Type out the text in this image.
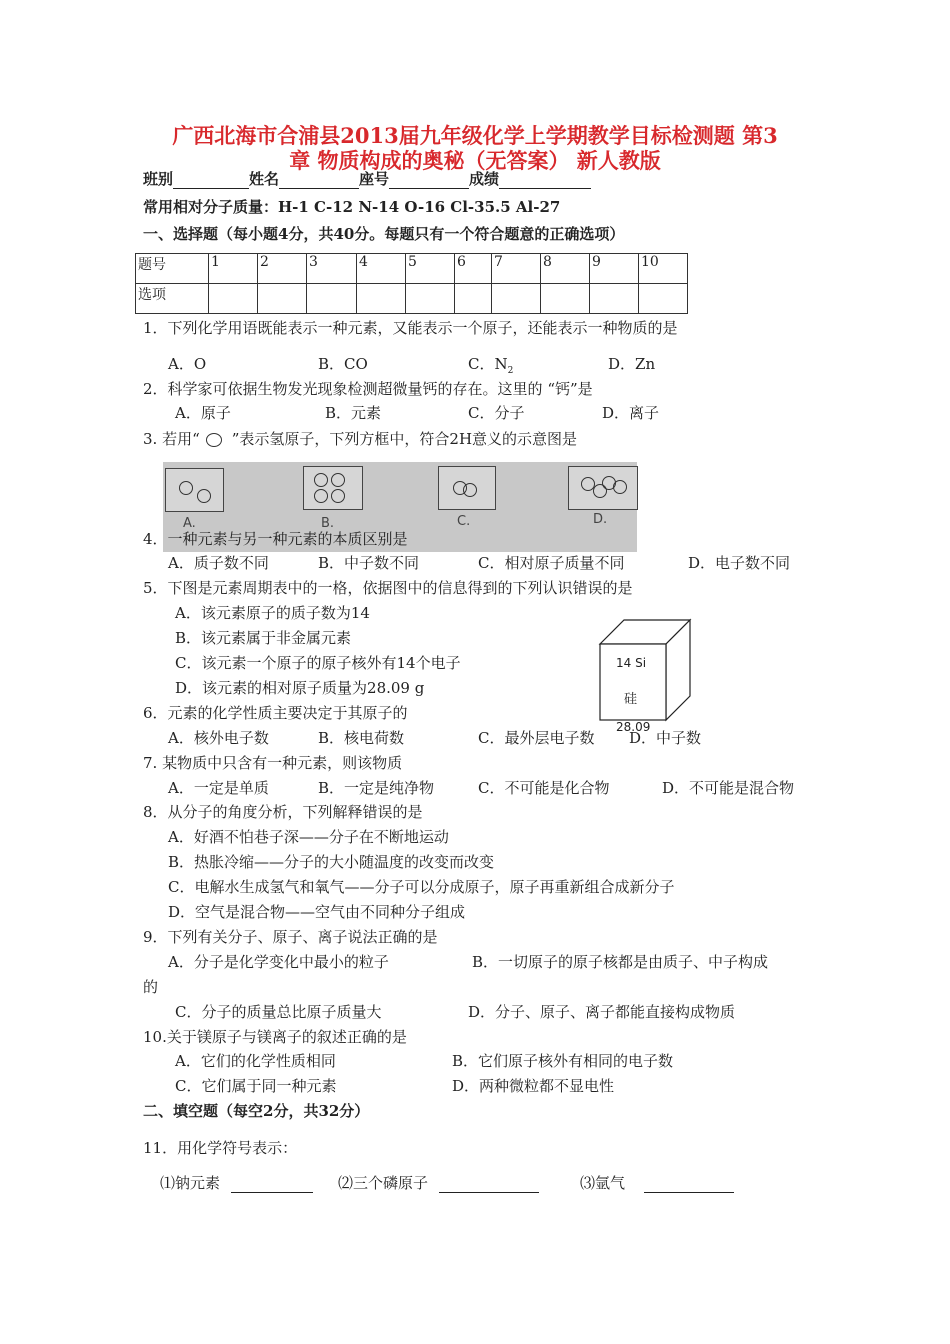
广西北海市合浦县2013届九年级化学上学期教学目标检测题 第3
章 物质构成的奥秘（无答案） 新人教版
班别	姓名	座号	成绩
常用相对分子质量：H-1 C-12 N-14 O-16 Cl-35.5 Al-27
一、选择题（每小题4分，共40分。每题只有一个符合题意的正确选项）
题号	1	2	3	4	5	6	7	8	9	10
选项										
1．下列化学用语既能表示一种元素，又能表示一个原子，还能表示一种物质的是
A．O	B．CO	C．$N_2$	D．Zn
2．科学家可依据生物发光现象检测超微量钙的存在。这里的 “钙”是
A．原子	B．元素	C．分子	D．离子
3. 若用“ ”表示氢原子，下列方框中，符合2H意义的示意图是
A.	B.	C.	D.
4．一种元素与另一种元素的本质区别是
A．质子数不同	B．中子数不同	C．相对原子质量不同	D．电子数不同
5．下图是元素周期表中的一格，依据图中的信息得到的下列认识错误的是
A．该元素原子的质子数为14
B．该元素属于非金属元素
C．该元素一个原子的原子核外有14个电子
D．该元素的相对原子质量为28.09 g
14 Si
硅
28.09
6．元素的化学性质主要决定于其原子的
A．核外电子数	B．核电荷数	C．最外层电子数 D．中子数
7. 某物质中只含有一种元素，则该物质
A．一定是单质	B．一定是纯净物	C．不可能是化合物	D．不可能是混合物
8．从分子的角度分析，下列解释错误的是
A．好酒不怕巷子深——分子在不断地运动
B．热胀冷缩——分子的大小随温度的改变而改变
C．电解水生成氢气和氧气——分子可以分成原子，原子再重新组合成新分子
D．空气是混合物——空气由不同种分子组成
9．下列有关分子、原子、离子说法正确的是
A．分子是化学变化中最小的粒子	B．一切原子的原子核都是由质子、中子构成
的
C．分子的质量总比原子质量大	D．分子、原子、离子都能直接构成物质
10.关于镁原子与镁离子的叙述正确的是
A．它们的化学性质相同	B．它们原子核外有相同的电子数
C．它们属于同一种元素	D．两种微粒都不显电性
二、填空题（每空2分，共32分）
11．用化学符号表示：
⑴钠元素	⑵三个磷原子	⑶氩气
